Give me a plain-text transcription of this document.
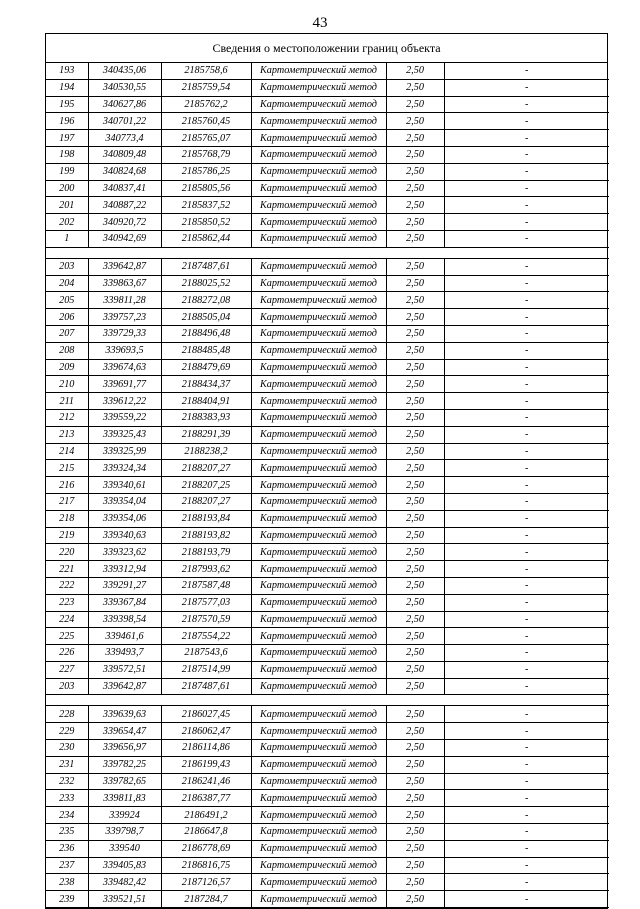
43
Сведения о местоположении границ объекта
193	340435,06	2185758,6	Картометрический метод	2,50	-
194	340530,55	2185759,54	Картометрический метод	2,50	-
195	340627,86	2185762,2	Картометрический метод	2,50	-
196	340701,22	2185760,45	Картометрический метод	2,50	-
197	340773,4	2185765,07	Картометрический метод	2,50	-
198	340809,48	2185768,79	Картометрический метод	2,50	-
199	340824,68	2185786,25	Картометрический метод	2,50	-
200	340837,41	2185805,56	Картометрический метод	2,50	-
201	340887,22	2185837,52	Картометрический метод	2,50	-
202	340920,72	2185850,52	Картометрический метод	2,50	-
1	340942,69	2185862,44	Картометрический метод	2,50	-

203	339642,87	2187487,61	Картометрический метод	2,50	-
204	339863,67	2188025,52	Картометрический метод	2,50	-
205	339811,28	2188272,08	Картометрический метод	2,50	-
206	339757,23	2188505,04	Картометрический метод	2,50	-
207	339729,33	2188496,48	Картометрический метод	2,50	-
208	339693,5	2188485,48	Картометрический метод	2,50	-
209	339674,63	2188479,69	Картометрический метод	2,50	-
210	339691,77	2188434,37	Картометрический метод	2,50	-
211	339612,22	2188404,91	Картометрический метод	2,50	-
212	339559,22	2188383,93	Картометрический метод	2,50	-
213	339325,43	2188291,39	Картометрический метод	2,50	-
214	339325,99	2188238,2	Картометрический метод	2,50	-
215	339324,34	2188207,27	Картометрический метод	2,50	-
216	339340,61	2188207,25	Картометрический метод	2,50	-
217	339354,04	2188207,27	Картометрический метод	2,50	-
218	339354,06	2188193,84	Картометрический метод	2,50	-
219	339340,63	2188193,82	Картометрический метод	2,50	-
220	339323,62	2188193,79	Картометрический метод	2,50	-
221	339312,94	2187993,62	Картометрический метод	2,50	-
222	339291,27	2187587,48	Картометрический метод	2,50	-
223	339367,84	2187577,03	Картометрический метод	2,50	-
224	339398,54	2187570,59	Картометрический метод	2,50	-
225	339461,6	2187554,22	Картометрический метод	2,50	-
226	339493,7	2187543,6	Картометрический метод	2,50	-
227	339572,51	2187514,99	Картометрический метод	2,50	-
203	339642,87	2187487,61	Картометрический метод	2,50	-

228	339639,63	2186027,45	Картометрический метод	2,50	-
229	339654,47	2186062,47	Картометрический метод	2,50	-
230	339656,97	2186114,86	Картометрический метод	2,50	-
231	339782,25	2186199,43	Картометрический метод	2,50	-
232	339782,65	2186241,46	Картометрический метод	2,50	-
233	339811,83	2186387,77	Картометрический метод	2,50	-
234	339924	2186491,2	Картометрический метод	2,50	-
235	339798,7	2186647,8	Картометрический метод	2,50	-
236	339540	2186778,69	Картометрический метод	2,50	-
237	339405,83	2186816,75	Картометрический метод	2,50	-
238	339482,42	2187126,57	Картометрический метод	2,50	-
239	339521,51	2187284,7	Картометрический метод	2,50	-
